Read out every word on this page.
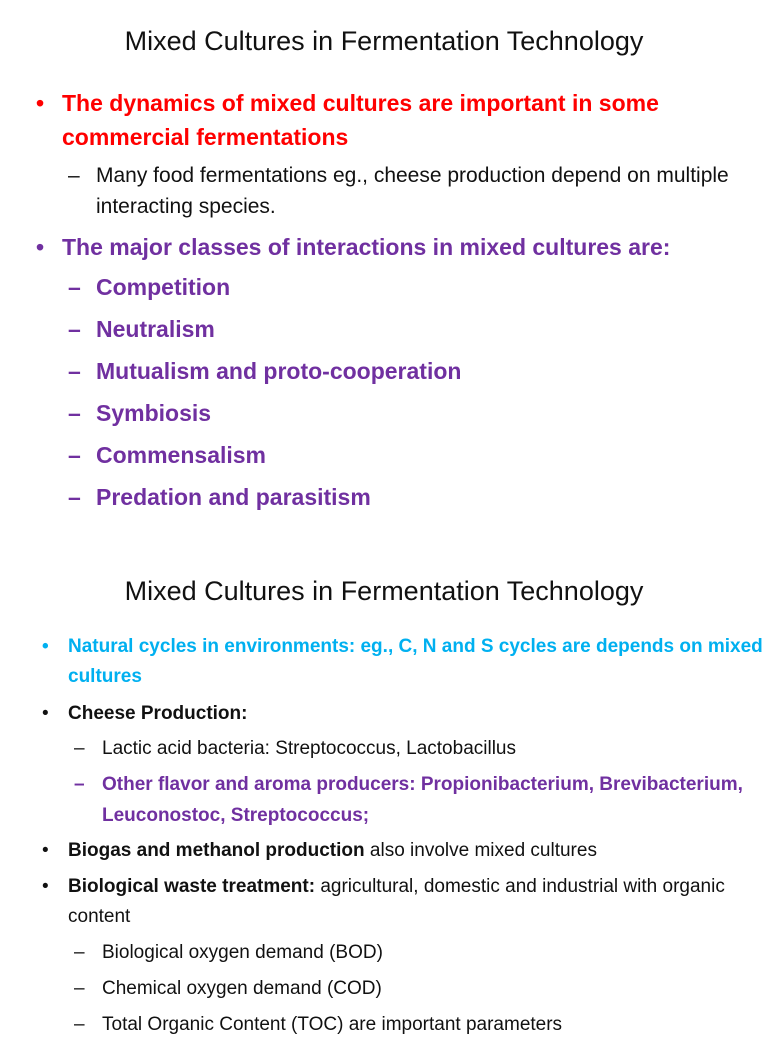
Mixed Cultures in Fermentation Technology
• The dynamics of mixed cultures are important in some commercial fermentations
– Many food fermentations eg., cheese production depend on multiple interacting species.
• The major classes of interactions in mixed cultures are:
– Competition
– Neutralism
– Mutualism and proto-cooperation
– Symbiosis
– Commensalism
– Predation and parasitism
Mixed Cultures in Fermentation Technology
•	Natural cycles in environments: eg., C, N and S cycles are depends on mixed cultures
•	Cheese Production:
– Lactic acid bacteria: Streptococcus, Lactobacillus
– Other flavor and aroma producers: Propionibacterium, Brevibacterium, Leuconostoc, Streptococcus;
•	Biogas and methanol production also involve mixed cultures
•	Biological waste treatment: agricultural, domestic and industrial with organic content
– Biological oxygen demand (BOD)
– Chemical oxygen demand (COD)
– Total Organic Content (TOC) are important parameters
